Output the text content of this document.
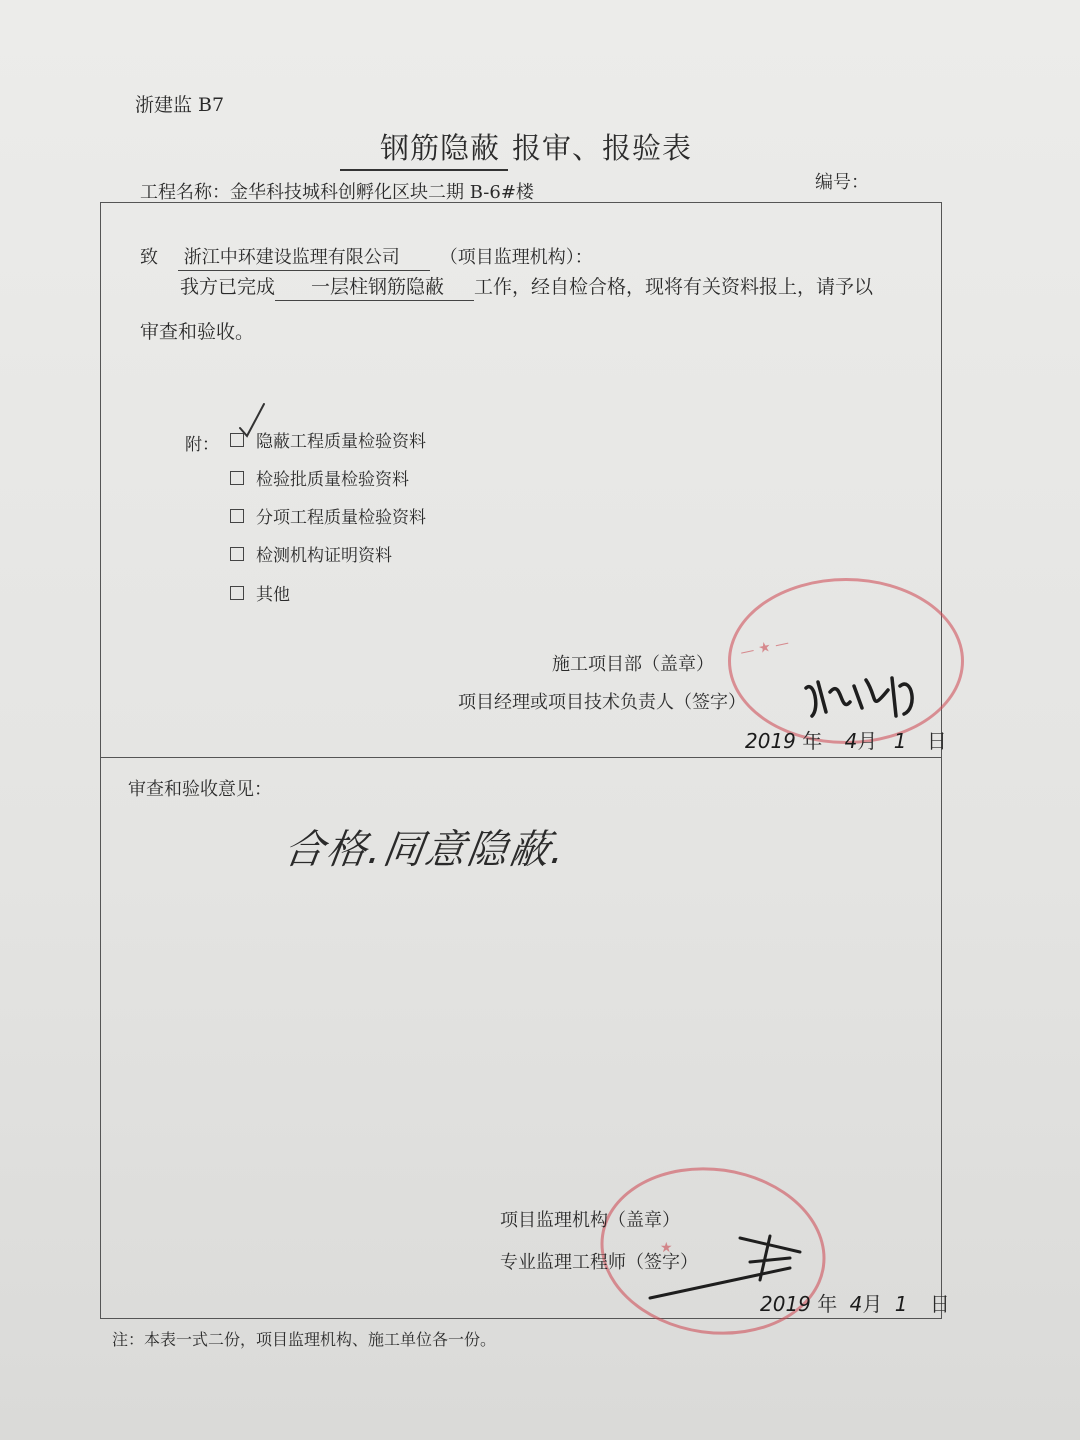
浙建监 B7
钢筋隐蔽 报审、报验表
工程名称：金华科技城科创孵化区块二期 B-6#楼	编号：
致 浙江中环建设监理有限公司 （项目监理机构）：
我方已完成 一层柱钢筋隐蔽 工作，经自检合格，现将有关资料报上，请予以
审查和验收。
附： 隐蔽工程质量检验资料
检验批质量检验资料
分项工程质量检验资料
检测机构证明资料
其他
— ★ —
施工项目部（盖章）
项目经理或项目技术负责人（签字）
2019 年 4月 1 日
审查和验收意见：
合格.同意隐蔽.
★
项目监理机构（盖章）
专业监理工程师（签字）
2019 年 4月 1 日
注：本表一式二份，项目监理机构、施工单位各一份。
